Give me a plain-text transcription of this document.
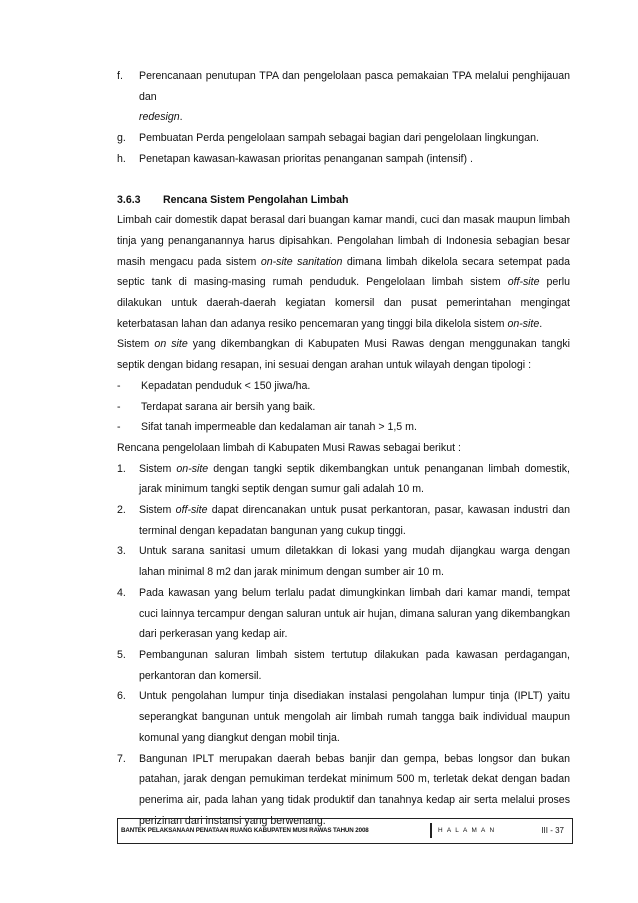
f.	Perencanaan penutupan TPA dan pengelolaan pasca pemakaian TPA melalui penghijauan dan
redesign.
g.	Pembuatan Perda pengelolaan sampah sebagai bagian dari pengelolaan lingkungan.
h.	Penetapan kawasan-kawasan prioritas penanganan sampah (intensif) .
3.6.3	Rencana Sistem Pengolahan Limbah
Limbah cair domestik dapat berasal dari buangan kamar mandi, cuci dan masak maupun limbah tinja yang penanganannya harus dipisahkan. Pengolahan limbah di Indonesia sebagian besar masih mengacu pada sistem on-site sanitation dimana limbah dikelola secara setempat pada septic tank di masing-masing rumah penduduk. Pengelolaan limbah sistem off-site perlu dilakukan untuk daerah-daerah kegiatan komersil dan pusat pemerintahan mengingat keterbatasan lahan dan adanya resiko pencemaran yang tinggi bila dikelola sistem on-site.
Sistem on site yang dikembangkan di Kabupaten Musi Rawas dengan menggunakan tangki septik dengan bidang resapan, ini sesuai dengan arahan untuk wilayah dengan tipologi :
-	Kepadatan penduduk < 150 jiwa/ha.
-	Terdapat sarana air bersih yang baik.
-	Sifat tanah impermeable dan kedalaman air tanah > 1,5 m.
Rencana pengelolaan limbah di Kabupaten Musi Rawas sebagai berikut :
1.	Sistem on-site dengan tangki septik dikembangkan untuk penanganan limbah domestik, jarak minimum tangki septik dengan sumur gali adalah 10 m.
2.	Sistem off-site dapat direncanakan untuk pusat perkantoran, pasar, kawasan industri dan terminal dengan kepadatan bangunan yang cukup tinggi.
3.	Untuk sarana sanitasi umum diletakkan di lokasi yang mudah dijangkau warga dengan lahan minimal 8 m2 dan jarak minimum dengan sumber air 10 m.
4.	Pada kawasan yang belum terlalu padat dimungkinkan limbah dari kamar mandi, tempat cuci lainnya tercampur dengan saluran untuk air hujan, dimana saluran yang dikembangkan dari perkerasan yang kedap air.
5.	Pembangunan saluran limbah sistem tertutup dilakukan pada kawasan perdagangan, perkantoran dan komersil.
6.	Untuk pengolahan lumpur tinja disediakan instalasi pengolahan lumpur tinja (IPLT) yaitu seperangkat bangunan untuk mengolah air limbah rumah tangga baik individual maupun komunal yang diangkut dengan mobil tinja.
7.	Bangunan IPLT merupakan daerah bebas banjir dan gempa, bebas longsor dan bukan patahan, jarak dengan pemukiman terdekat minimum 500 m, terletak dekat dengan badan penerima air, pada lahan yang tidak produktif dan tanahnya kedap air serta melalui proses perizinan dari instansi yang berwenang.
BANTEK PELAKSANAAN PENATAAN RUANG KABUPATEN MUSI RAWAS TAHUN 2008	HALAMAN	III - 37
